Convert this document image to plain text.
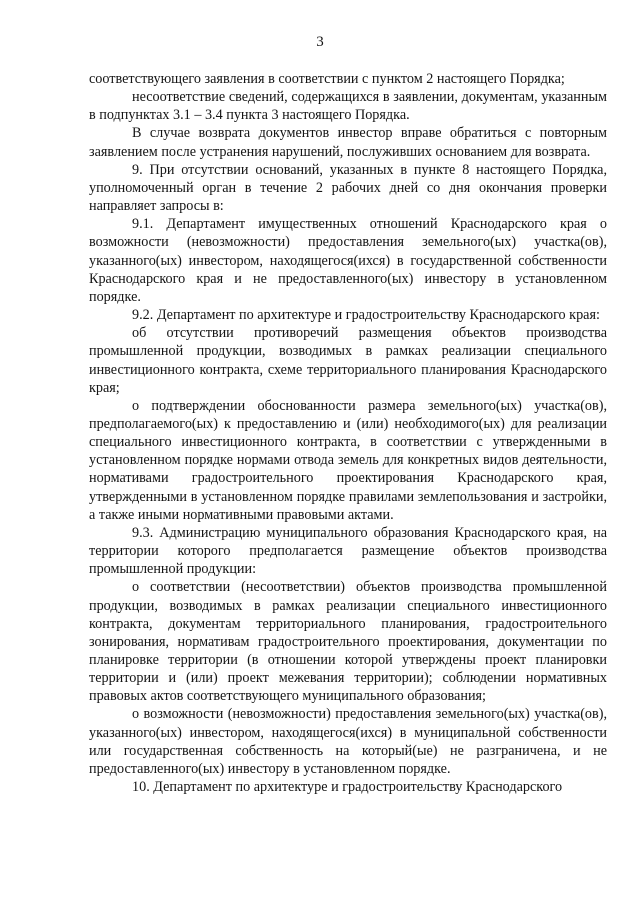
3

соответствующего заявления в соответствии с пунктом 2 настоящего Порядка;

несоответствие сведений, содержащихся в заявлении, документам, указанным в подпунктах 3.1 – 3.4 пункта 3 настоящего Порядка.

В случае возврата документов инвестор вправе обратиться с повторным заявлением после устранения нарушений, послуживших основанием для возврата.

9. При отсутствии оснований, указанных в пункте 8 настоящего Порядка, уполномоченный орган в течение 2 рабочих дней со дня окончания проверки направляет запросы в:

9.1. Департамент имущественных отношений Краснодарского края о возможности (невозможности) предоставления земельного(ых) участка(ов), указанного(ых) инвестором, находящегося(ихся) в государственной собственности Краснодарского края и не предоставленного(ых) инвестору в установленном порядке.

9.2. Департамент по архитектуре и градостроительству Краснодарского края:

об отсутствии противоречий размещения объектов производства промышленной продукции, возводимых в рамках реализации специального инвестиционного контракта, схеме территориального планирования Краснодарского края;

о подтверждении обоснованности размера земельного(ых) участка(ов), предполагаемого(ых) к предоставлению и (или) необходимого(ых) для реализации специального инвестиционного контракта, в соответствии с утвержденными в установленном порядке нормами отвода земель для конкретных видов деятельности, нормативами градостроительного проектирования Краснодарского края, утвержденными в установленном порядке правилами землепользования и застройки, а также иными нормативными правовыми актами.

9.3. Администрацию муниципального образования Краснодарского края, на территории которого предполагается размещение объектов производства промышленной продукции:

о соответствии (несоответствии) объектов производства промышленной продукции, возводимых в рамках реализации специального инвестиционного контракта, документам территориального планирования, градостроительного зонирования, нормативам градостроительного проектирования, документации по планировке территории (в отношении которой утверждены проект планировки территории и (или) проект межевания территории); соблюдении нормативных правовых актов соответствующего муниципального образования;

о возможности (невозможности) предоставления земельного(ых) участка(ов), указанного(ых) инвестором, находящегося(ихся) в муниципальной собственности или государственная собственность на который(ые) не разграничена, и не предоставленного(ых) инвестору в установленном порядке.

10. Департамент по архитектуре и градостроительству Краснодарского
